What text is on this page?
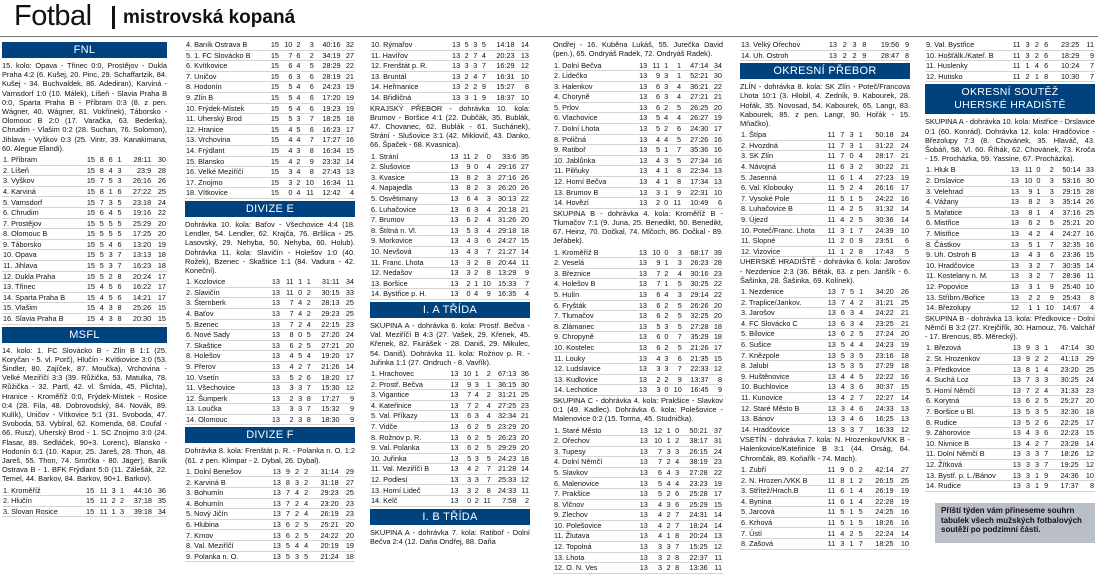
Fotbal mistrovská kopaná
FNL

15. kolo: Opava - Třinec 0:0, Prostějov - Dukla Praha 4:2 (6. Kušej, 20. Pinc, 29. Schaffartzik, 84. Kušej - 34. Buchvaldek, 86. Adediran), Karviná - Varnsdorf 1:0 (10. Málek), Líšeň - Slavia Praha B 0:0, Sparta Praha B - Příbram 0:3 (8. z pen. Wágner, 40. Wágner, 81. Vokřínek), Táborsko - Olomouc B 2:0 (17. Varačka, 63. Bederka), Chrudim - Vlašim 0:2 (28. Suchan, 76. Solomon), Jihlava - Vyškov 0:3 (25. Vintr, 39. Kanakimana, 60. Alegue Elandi).

1. Příbram	15	8	6	1	28:11	30
2. Líšeň	15	8	4	3	23:9	28
3. Vyškov	15	7	5	3	26:16	26
4. Karviná	15	8	1	6	27:22	25
5. Varnsdorf	15	7	3	5	23:18	24
6. Chrudim	15	6	4	5	19:16	22
7. Prostějov	15	5	5	5	25:29	20
8. Olomouc B	15	5	5	5	17:25	20
9. Táborsko	15	5	4	6	13:20	19
10. Opava	15	5	3	7	13:13	18
11. Jihlava	15	5	3	7	16:23	18
12. Dukla Praha	15	5	2	8	20:24	17
13. Třinec	15	4	5	6	16:22	17
14. Sparta Praha B	15	4	5	6	14:21	17
15. Vlašim	15	4	3	8	25:26	15
16. Slavia Praha B	15	4	3	8	20:30	15
MSFL

14. kolo: 1. FC Slovácko B - Zlín B 1:1 (25. Koryčan - 5. vl. Porč), Hlučín - Kvítkovice 3:0 (53. Šindler, 80. Zajíček, 87. Moučka), Vrchovina - Velké Meziříčí 3:3 (39. Růžička, 53. Matulka, 78. Růžička - 32. Partl, 42. vl. Šmída, 45. Plichta), Hranice - Kroměříž 0:0, Frýdek-Místek - Rosice 0:4 (28. Fila, 48. Dobrovodský, 84. Novák, 89. Kulík), Uničov - Vítkovice 5:1 (31. Svoboda, 47. Svoboda, 53. Vybíral, 62. Komenda, 68. Coufal - 66. Rusz), Uherský Brod - 1. SC Znojmo 3:0 (24. Flasar, 89. Sedláček, 90+3. Lorenc), Blansko - Hodonín 6:1 (10. Kapur, 25. Jareš, 28. Thon, 48. Jareš, 55. Thon, 74. Smrčka - 80. Jäger), Baník Ostrava B - 1. BFK Frýdlant 5:0 (11. Zálešák, 22. Temel, 44. Barkov, 84. Barkov, 90+1. Barkov).

1. Kroměříž	15	11	3	1	44:16	36
2. Hlučín	15	11	2	2	37:18	35
3. Slovan Rosice	15	11	1	3	39:18	34
4. Baník Ostrava B	15	10	2	3	40:16	32
5. 1. FC Slovácko B	15	7	6	2	34:19	27
6. Kvítkovice	15	6	4	5	28:29	22
7. Uničov	15	6	3	6	28:19	21
8. Hodonín	15	5	4	6	24:23	19
9. Zlín B	15	5	4	6	17:20	19
10. Frýdek-Místek	15	5	4	6	19:23	19
11. Uherský Brod	15	5	3	7	18:25	18
12. Hranice	15	4	5	6	16:23	17
13. Vrchovina	15	4	4	7	17:27	16
14. Frýdlant	15	4	3	8	16:34	15
15. Blansko	15	4	2	9	23:32	14
16. Velké Meziříčí	15	3	4	8	27:43	13
17. Znojmo	15	3	2	10	16:34	11
18. Vítkovice	15	0	4	11	12:42	4
DIVIZE E

Dohrávka 10. kola: Baťov - Všechovice 4:4 (18. Lendler, 54. Lendler, 62. Krajča, 76. Bršlica - 25. Lasovský, 29. Nehyba, 50. Nehyba, 60. Holub). Dohrávka 11. kola: Slavičín - Holešov 1:0 (40. Rožek), Bzenec - Skaštice 1:1 (84. Vadura - 42. Koneční).

1. Kozlovice	13	11	1	1	31:11	34
2. Slavičín	13	11	0	2	30:15	33
3. Šternberk	13	7	4	2	28:13	25
4. Baťov	13	7	4	2	29:23	25
5. Bzenec	13	7	2	4	22:15	23
6. Nové Sady	13	8	0	5	27:20	24
7. Skaštice	13	6	2	5	27:21	20
8. Holešov	13	4	5	4	19:20	17
9. Přerov	13	4	2	7	21:26	14
10. Vsetín	13	5	2	6	18:20	17
11. Všechovice	13	3	3	7	15:30	12
12. Šumperk	13	2	3	8	17:27	9
13. Loučka	13	3	3	7	15:32	9
14. Olomouc	13	2	3	8	18:30	9
DIVIZE F

Dohrávka 8. kola: Frenštát p. R. - Polanka n. O. 1:2 (61. z pen. Klimpar - 2. Dybal, 26. Dybal).

1. Dolní Benešov	13	9	2	2	31:14	29
2. Karviná B	13	8	3	2	31:18	27
3. Bohumín	13	7	4	2	29:23	25
4. Bohumín	13	7	2	4	23:20	23
5. Nový Jičín	13	7	2	4	26:19	23
6. Hlubina	13	6	2	5	25:21	20
7. Krnov	13	6	2	5	24:22	20
8. Val. Meziříčí	13	5	4	4	20:19	19
9. Polanka n. O.	13	5	3	5	21:24	18
10. Rýmařov	13	5	3	5	14:18	14
11. Havířov	13	2	7	4	20:23	13
12. Frenštát p. R.	13	3	3	7	16:29	12
13. Bruntál	13	2	4	7	16:31	10
14. Heřmanice	13	2	2	9	15:27	8
14. Břidličná	13	3	1	9	18:37	10

KRAJSKÝ PŘEBOR - dohrávka 10. kola: Brumov - Boršice 4:1 (22. Dubčák, 35. Bublák, 47. Chovanec, 62. Bublák - 61. Suchánek), Strání - Slušovice 3:1 (42. Miklovič, 43. Danko, 66. Špaček - 68. Kvasnica).

1. Strání	13	11	2	0	33:6	35
2. Slušovice	13	9	0	4	29:16	27
3. Kvasice	13	8	2	3	27:16	26
4. Napajedla	13	8	2	3	26:20	26
5. Osvětimany	13	6	4	3	30:13	22
6. Luhačovice	13	6	3	4	20:18	21
7. Brumov	13	6	2	4	31:26	20
8. Štítná n. Vl.	13	5	3	4	29:18	18
9. Morkovice	13	4	3	6	24:27	15
10. Nevšová	13	4	3	7	21:27	14
11. Franc. Lhota	13	3	2	8	20:44	11
12. Nedašov	13	3	2	8	13:29	9
13. Boršice	13	2	1	10	15:33	7
14. Bystřice p. H.	13	0	4	9	16:35	4
I. A TŘÍDA

SKUPINA A - dohrávka 6. kola: Prostř. Bečva - Val. Meziříčí B 4:3 (27. Vašek, 29. Křenek, 45. Křenek, 82. Fiurášek - 28. Daniš, 29. Mikulec, 54. Daniš). Dohrávka 11. kola: Rožnov p. R. - Juřinka 1:1 (27. Ondruch - 8. Vavřík).

1. Hrachovec	13	10	1	2	67:13	36
2. Prostř. Bečva	13	9	3	1	36:15	30
3. Vigantice	13	7	4	2	31:21	25
4. Kateřinice	13	7	2	4	27:25	23
5. Val. Příkazy	13	6	3	4	32:34	21
7. Vidče	13	6	2	5	23:29	20
8. Rožnov p. R.	13	6	2	5	26:23	20
9. Val. Polanka	13	6	2	5	29:29	20
10. Juřinka	13	5	3	5	24:23	18
11. Val. Meziříčí B	13	4	2	7	21:28	14
12. Podlesí	13	3	3	7	25:33	12
13. Horní Lideč	13	3	2	8	24:33	11
14. Kelč	13	0	2	11	7:58	2
I. B TŘÍDA

SKUPINA A - dohrávka 7. kola: Ratiboř - Dolní Bečva 2:4 (12. Daňa Ondřej, 88. Daňa

Ondřej - 16. Kuběna Lukáš, 55. Jurečka David (pen.), 65. Ondryáš Radek, 72. Ondryáš Radek).

1. Dolní Bečva	13	11	1	1	47:14	34
2. Lidečko	13	9	3	1	52:21	30
3. Halenkov	13	6	3	4	36:21	22
4. Choryně	13	6	3	4	27:21	21
5. Prlov	13	6	2	5	26:25	20
6. Vlachovice	13	5	4	4	26:27	19
7. Dolní Lhota	13	5	2	6	24:30	17
8. Poličná	13	4	4	5	27:26	16
9. Ratiboř	13	5	1	7	35:36	16
10. Jablůnka	13	4	3	5	27:34	16
11. Pilňuky	13	4	1	8	22:34	13
12. Horní Bečva	13	4	1	8	17:34	13
13. Brumov B	13	3	1	9	22:31	10
14. Hovězí	13	2	0	11	10:49	6

SKUPINA B - dohrávka 4. kola: Kroměříž B - Tlumačov 7:1 (9. Juna, 25. Benedikt, 50. Benedikt, 67. Heinz, 70. Dočkal, 74. Mlčoch, 86. Dočkal - 89. Jeřábek).

1. Kroměříž B	13	10	0	3	68:17	39
2. Veselá	13	9	1	3	26:23	28
3. Březnice	13	7	2	4	30:16	23
4. Holešov B	13	7	1	5	30:25	22
5. Hulín	13	6	4	3	29:14	22
6. Fryšták	13	6	2	5	26:26	20
7. Tlumačov	13	6	2	5	32:25	20
8. Zlámanec	13	5	3	5	27:28	18
9. Chropyně	13	6	0	7	35:29	18
10. Kostelec	13	6	2	5	21:26	17
11. Louky	13	4	3	6	21:35	15
12. Ludslavice	13	3	3	7	22:33	12
13. Kudlovice	13	2	2	9	13:37	8
14. Lechotice	13	3	0	10	16:45	9

SKUPINA C - dohrávka 4. kola: Prakšice - Slavkov 0:1 (49. Kadlec). Dohrávka 6. kola: Polešovice - Malenovice 0:2 (15. Torma, 45. Studnička).

1. Staré Město	13	12	1	0	50:21	37
2. Ořechov	13	10	1	2	38:17	31
3. Tupesy	13	7	3	3	26:15	24
4. Dolní Němčí	13	7	2	4	38:19	23
5. Slavkov	13	6	4	3	27:28	22
6. Malenovice	13	5	4	4	23:23	19
7. Prakšice	13	5	2	6	25:28	17
8. Vlčnov	13	4	3	6	25:29	15
9. Zlechov	13	4	2	7	24:31	14
10. Polešovice	13	4	2	7	18:24	14
11. Žlutava	13	4	1	8	20:24	13
12. Topolná	13	3	3	7	15:25	12
13. Lhota	13	3	2	8	22:37	11
12. O. N. Ves	13	3	2	8	13:36	11
13. Velký Ořechov	13	2	3	8	19:56	9
14. Uh. Ostroh	13	2	2	9	28:47	8
OKRESNÍ PŘEBOR

ZLÍN - dohrávka 8. kola: SK Zlín - Poteč/Francova Lhota 10:1 (3. Hlobil, 4. Zedník, 9. Kabourek, 28. Hořák, 35. Novosad, 54. Kabourek, 65. Langr, 83. Kabourek, 85. z pen. Langr, 90. Hořák - 15. Mňačko).

1. Štípa	11	7	3	1	50:18	24
2. Hvozdná	11	7	3	1	31:22	24
3. SK Zlín	11	7	0	4	28:17	21
4. Návojná	11	6	3	2	30:22	21
5. Jasenná	11	6	1	4	27:23	19
6. Val. Klobouky	11	5	2	4	26:16	17
7. Vysoké Pole	11	5	1	5	24:22	16
8. Luhačovice B	11	4	2	5	31:32	14
9. Újezd	11	4	2	5	30:36	14
10. Poteč/Franc. Lhota	11	3	1	7	24:39	10
11. Slopné	11	2	0	9	23:51	6
12. Vizovice	11	1	2	8	17:43	5

UHERSKÉ HRADIŠTĚ - dohrávka 6. kola: Jarošov - Nezdenice 2:3 (36. Běták, 63. z pen. Janšík - 6. Šašinka, 28. Šašinka, 69. Kolínek).

1. Nezdenice	13	7	5	1	34:20	26
2. Traplice/Jankov.	13	7	4	2	31:21	25
3. Jarošov	13	6	3	4	24:22	21
4. FC Slovácko C	13	6	3	4	23:25	21
5. Bílovice	13	6	2	5	27:24	20
6. Sušice	13	5	4	4	24:23	19
7. Knězpole	13	5	3	5	23:16	18
8. Jalubí	13	5	3	5	27:29	18
9. Huštěnovice	13	4	4	5	22:22	16
10. Buchlovice	13	4	3	6	30:37	15
11. Kunovice	13	4	2	7	22:27	14
12. Staré Město B	13	3	4	6	24:33	13
13. Bánov	13	3	4	6	16:25	13
14. Hradčovice	13	3	3	7	16:33	12

VSETÍN - dohrávka 7. kola: N. Hrozenkov/VKK B - Halenkovice/Kateřinice B 3:1 (44. Orság, 64. Chromčák, 89. Koňařík - 74. Mach).

1. Zubří	11	9	0	2	42:14	27
2. N. Hrozen./VKK B	11	8	1	2	26:15	25
3. Střítež/Hrach.B	11	6	1	4	26:19	19
4. Bynina	11	6	1	4	22:28	19
5. Jarcová	11	5	1	5	24:25	16
6. Krhová	11	5	1	5	18:26	16
7. Ústí	11	4	2	5	22:24	14
8. Zašová	11	3	1	7	18:25	10
9. Val. Bystřice	11	3	2	6	23:25	11
10. Hošťálk./Kateř. B	11	3	2	6	18:29	9
11. Huslenky	11	1	4	6	10:24	7
12. Hutisko	11	2	1	8	10:30	7
OKRESNÍ SOUTĚŽ
UHERSKÉ HRADIŠTĚ

SKUPINA A - dohrávka 10. kola: Mistřice - Drslavice 0:1 (60. Konrád). Dohrávka 12. kola: Hradčovice - Březolupy 7:3 (8. Chovánek, 35. Hlaváč, 43. Šobáň, 58. Vl. 60. Říhák, 62. Chovánek, 73. Kroča - 15. Procházka, 59. Yassine, 67. Procházka).

1. Hluk B	13	11	0	2	50:14	33
2. Drslavice	13	10	0	3	53:16	30
3. Velehrad	13	9	1	3	29:15	28
4. Vážany	13	8	2	3	35:14	26
5. Mařatice	13	8	1	4	37:16	25
6. Mistřice	13	6	2	5	25:21	20
7. Mistřice	13	4	2	4	24:27	16
8. Částkov	13	5	1	7	32:35	16
9. Uh. Ostroh B	13	4	3	6	23:36	15
10. Hradčovice	13	3	2	7	30:35	14
11. Kostelany n. M.	13	3	2	7	28:36	11
12. Popovice	13	3	1	9	25:40	10
13. Stříbrn./Bořice	13	2	2	9	25:43	8
14. Březolupy	12	1	1	10	14:67	4

SKUPINA B - dohrávka 13. kola: Předkovice - Dolní Němčí B 3:2 (27. Krejčiřík, 30. Hamouz, 76. Valchář - 17. Brencus, 85. Měrecký).

1. Březová	13	9	3	1	47:14	30
2. St. Hrozenkov	13	9	2	2	41:13	29
3. Předkovice	13	8	1	4	23:20	25
4. Suchá Loz	13	7	3	3	30:25	24
5. Horní Němčí	13	7	2	4	31:33	23
6. Korytná	13	6	2	5	25:27	20
7. Boršice u Bl.	13	5	3	5	32:30	18
8. Rudice	13	5	2	6	22:25	17
9. Záhorovice	13	4	3	6	22:23	15
10. Nivnice B	13	4	2	7	23:28	14
11. Dolní Němčí B	13	3	3	7	18:26	12
12. Žítková	13	3	3	7	19:25	12
13. Bystř. p. L./Bánov	13	3	1	9	24:36	10
14. Rudice	13	3	1	9	17:37	8
Příští týden vám přineseme souhrn tabulek všech mužských fotbalových soutěží po podzimní části.
